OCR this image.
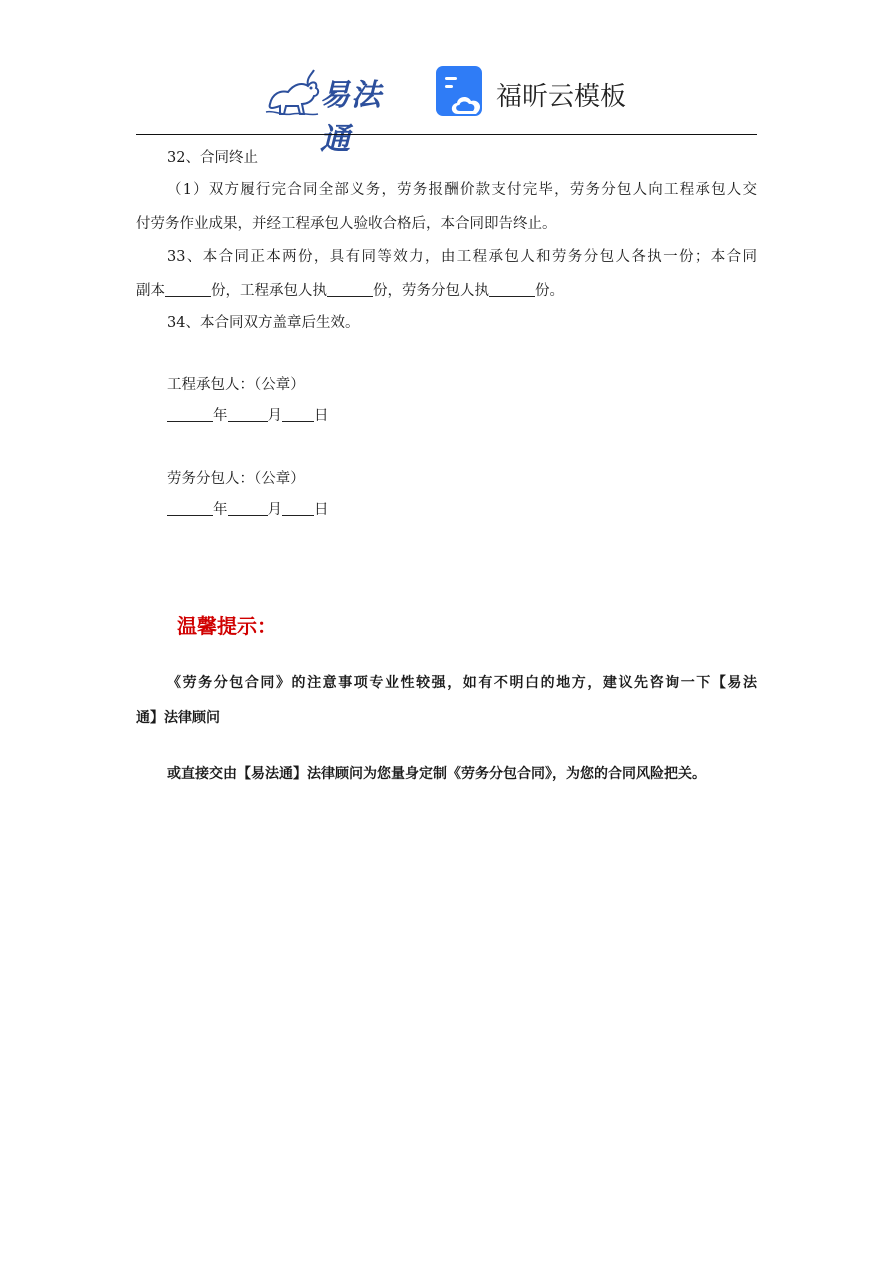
易法通
福昕云模板
32、合同终止
（1）双方履行完合同全部义务，劳务报酬价款支付完毕，劳务分包人向工程承包人交
付劳务作业成果，并经工程承包人验收合格后，本合同即告终止。
33、本合同正本两份，具有同等效力，由工程承包人和劳务分包人各执一份；本合同
副本	份，工程承包人执	份，劳务分包人执	份。
34、本合同双方盖章后生效。
工程承包人：（公章）
年	月 日
劳务分包人：（公章）
年	月 日
温馨提示：
《劳务分包合同》的注意事项专业性较强，如有不明白的地方，建议先咨询一下【易法
通】法律顾问
或直接交由【易法通】法律顾问为您量身定制《劳务分包合同》，为您的合同风险把关。
